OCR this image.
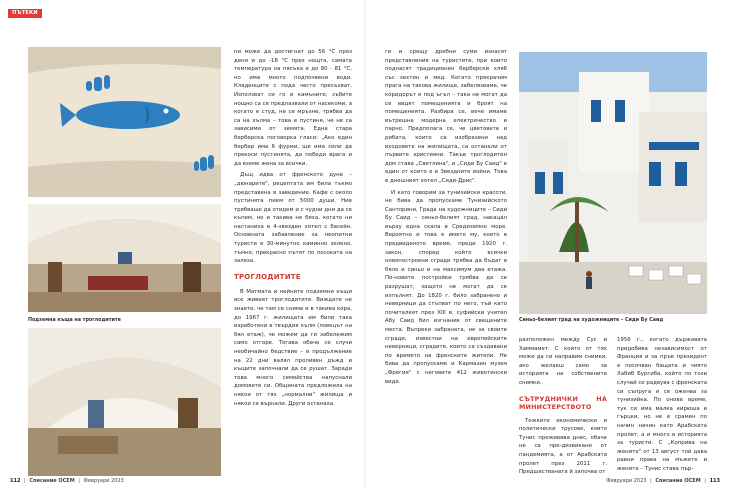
ПЪТЕКИ
Подземна къща на троглодитите

пи може да достигнат до 56 °С през деня и до -18 °С през нощта, самата температура на пясъка е до 80 - 81 °С, но има много подпочвени води. Кладенците с пода често пресъхват. Използват си го в камъните, зъбите нощно са се предпазвали от насекоми, а когато е студ, не се мръзне, трябва да са на хълма – това е пустиня, че не са зависими от земята. Една стара берберска поговорка гласи: „Ако един бербер има 6 фурми, ще има сили да прекоси пустинята, да победи врага и да вземе жена за всички.

Дъщ идва от френското дуне – „дюнарите", рецептата им била тъкмо представена в заведение. Кафе с около пустинята пием от 5000 души. Ние трябваше да отидем и с чудни дни да се къпем, но и такива не бяха, когато ни настаниха в 4-звезден хотел с басейн. Основната забавление за неопитни туристи е 30-минутно каминно зелено, тъмно, прекрасно пътят по посоката на залеза.

ТРОГЛОДИТИТЕ

В Матмата и нейните подземни къщи все живеят троглодитите. Виждате не знаете, че там се снима и в такива кора, до 1967 г. жилищата им били така изработени в твърдия хълм (ловецът на бял етаж), че можем да ги забележим само отгоре. Тогава обаче се случи необичайно бедствие – в продължение на 22 дни валял проливен дъжд и къщите започнали да се рушат. Заради това много семейства напуснали домовете си. Общината предложила на някои от тях „нормални" жилища и някои се върнали. Други останаха.

ги и срещу дребни суми изнасят представления на туристите, при които поднасят традиционен берберски хляб със зехтин и мед. Когато прекрачим прага на такова жилище, забелязваме, че коридорът е под ъгъл – така не могат да се видят помещенията и броят на помещенията. Разбира се, вече имаме вътрешна модерна електричество и парно. Предполага се, че цветовете и рибата, които са изобразени над входовете на жилищата, са останали от първите християни. Такъв троглодитен дом става „Светлина", и „Сиди Бу Саид" е един от които е в Звездните войни. Това е днешният хотел „Сиди-Дрис".

И като говорим за тунизийски красоти, не бива да пропускаме Тунизийското Санторини, Града на художниците – Сиди Бу Саид – синьо-белият град, накацал върху една скала в Средиземно море. Вероятно и това е името му, което в предвиденото време, преди 1920 г. закон, според който всички новопостроени сгради трябва да бъдат в бяло и синьо и на максимум два етажа. По-новите постройки трябва да се разрушат, защото не могат да се изпълнят. До 1820 г. било забранено и неверници да стъпват по него, тъй като почиталеят през XIII в. суфийски учител Абу Саид бил изгнаник от свещените места. Въпреки забраната, не за своите сгради, известни на европейските неверници, сградите, които са създавани по времето на френските жители. Не бива да пропускаме и Кармазин музея „Фрегия" с неговите 412 животински вида.

Синьо-белият град на художниците – Сиди Бу Саид

разположен между Сус и Хаммамет. С които от тях може да си направим снимки, ако желаеш само за историята на собствените снимки.

СЪТРУДНИЧКИ НА МИНИСТЕРСТВОТО

Тежките икономически и политически трусове, които Тунис преживява днес, обаче не са пре-дизвикани от пандемията, а от Арабската пролет през 2011 г. Предшестваната й започва от

1956 г., когато държавата придобива независимост от Франция и за пръв президент е посочван бащата и чиято Хабиб Бургиба, който по този случай се радвува с френската си съпруга и се оженва за тунизийка. По онова време, тук си има малка кирюша и гърцки, но не е срамен по начин начин като Арабската пролет, а и много в историята за туристи. С „Коприва на жените" от 13 август той дава равни права на мъжете и жените – Тунис става пър-

112 | Списание ОСЕМ | Февруари 2023	Февруари 2023 | Списание ОСЕМ | 113
